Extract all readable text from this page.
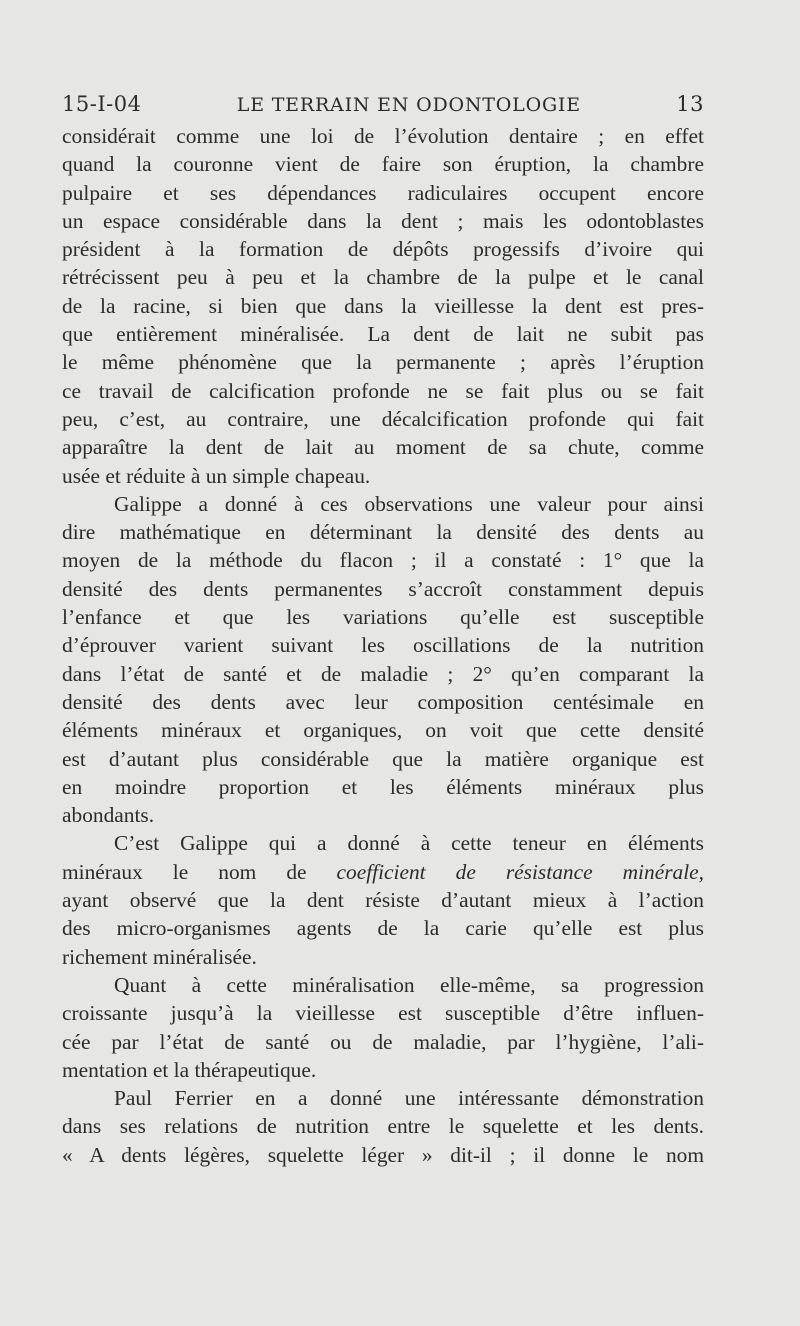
15-I-04	LE TERRAIN EN ODONTOLOGIE	13
considérait comme une loi de l’évolution dentaire ; en effet
quand la couronne vient de faire son éruption, la chambre
pulpaire et ses dépendances radiculaires occupent encore
un espace considérable dans la dent ; mais les odontoblastes
président à la formation de dépôts progessifs d’ivoire qui
rétrécissent peu à peu et la chambre de la pulpe et le canal
de la racine, si bien que dans la vieillesse la dent est pres-
que entièrement minéralisée. La dent de lait ne subit pas
le même phénomène que la permanente ; après l’éruption
ce travail de calcification profonde ne se fait plus ou se fait
peu, c’est, au contraire, une décalcification profonde qui fait
apparaître la dent de lait au moment de sa chute, comme
usée et réduite à un simple chapeau.
Galippe a donné à ces observations une valeur pour ainsi
dire mathématique en déterminant la densité des dents au
moyen de la méthode du flacon ; il a constaté : 1° que la
densité des dents permanentes s’accroît constamment depuis
l’enfance et que les variations qu’elle est susceptible
d’éprouver varient suivant les oscillations de la nutrition
dans l’état de santé et de maladie ; 2° qu’en comparant la
densité des dents avec leur composition centésimale en
éléments minéraux et organiques, on voit que cette densité
est d’autant plus considérable que la matière organique est
en moindre proportion et les éléments minéraux plus
abondants.
C’est Galippe qui a donné à cette teneur en éléments
minéraux le nom de coefficient de résistance minérale,
ayant observé que la dent résiste d’autant mieux à l’action
des micro-organismes agents de la carie qu’elle est plus
richement minéralisée.
Quant à cette minéralisation elle-même, sa progression
croissante jusqu’à la vieillesse est susceptible d’être influen-
cée par l’état de santé ou de maladie, par l’hygiène, l’ali-
mentation et la thérapeutique.
Paul Ferrier en a donné une intéressante démonstration
dans ses relations de nutrition entre le squelette et les dents.
« A dents légères, squelette léger » dit-il ; il donne le nom
